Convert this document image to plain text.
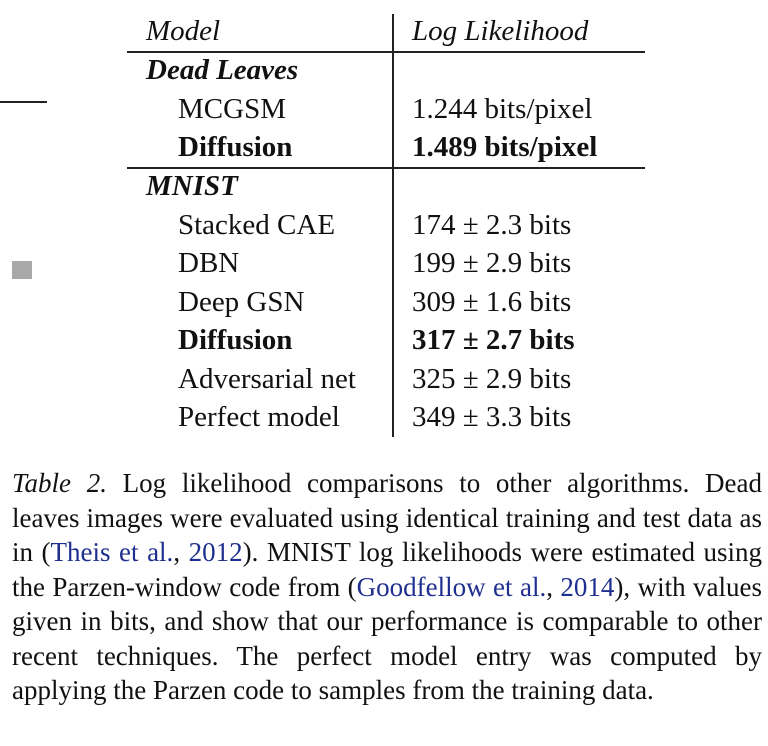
Model	Log Likelihood
Dead Leaves
MCGSM	1.244 bits/pixel
Diffusion	1.489 bits/pixel
MNIST
Stacked CAE	174 ± 2.3 bits
DBN	199 ± 2.9 bits
Deep GSN	309 ± 1.6 bits
Diffusion	317 ± 2.7 bits
Adversarial net 325 ± 2.9 bits
Perfect model 349 ± 3.3 bits

Table 2. Log likelihood comparisons to other algorithms. Dead leaves images were evaluated using identical training and test data as in (Theis et al., 2012). MNIST log likelihoods were estimated using the Parzen-window code from (Goodfellow et al., 2014), with values given in bits, and show that our performance is comparable to other recent techniques. The perfect model entry was computed by applying the Parzen code to samples from the training data.
